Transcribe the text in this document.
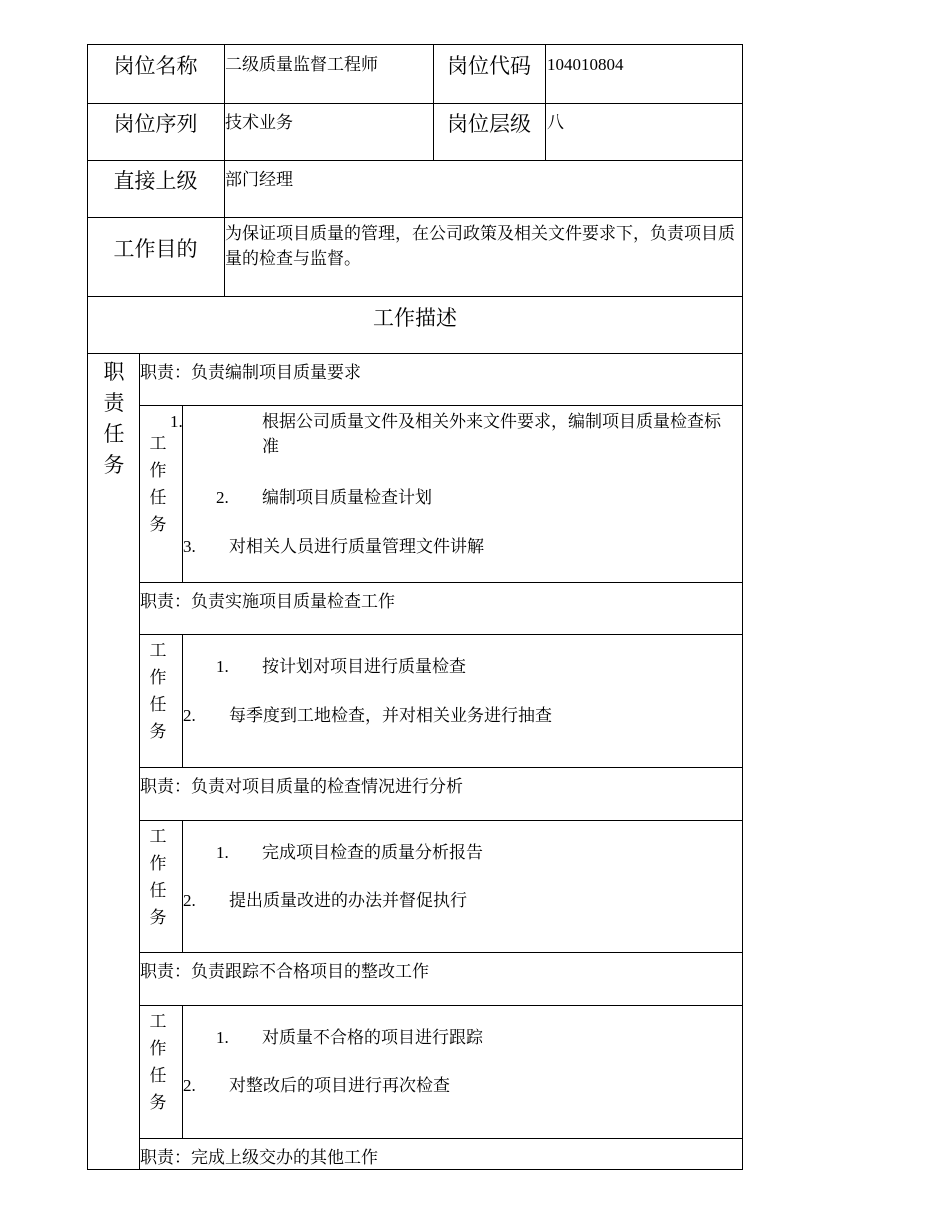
岗位名称	二级质量监督工程师	岗位代码 104010804
岗位序列	技术业务	岗位层级 八
直接上级	部门经理
工作目的
为保证项目质量的管理，在公司政策及相关文件要求下，负责项目质量的检查与监督。
工作描述
职
责
任
务
职责：负责编制项目质量要求
工
作
任
务
1.	根据公司质量文件及相关外来文件要求，编制项目质量检查标准
2. 编制项目质量检查计划
3. 对相关人员进行质量管理文件讲解
职责：负责实施项目质量检查工作
工
作
任
务
1. 按计划对项目进行质量检查
2. 每季度到工地检查，并对相关业务进行抽查
职责：负责对项目质量的检查情况进行分析
工
作
任
务
1. 完成项目检查的质量分析报告
2. 提出质量改进的办法并督促执行
职责：负责跟踪不合格项目的整改工作
工
作
任
务
1. 对质量不合格的项目进行跟踪
2. 对整改后的项目进行再次检查
职责：完成上级交办的其他工作
